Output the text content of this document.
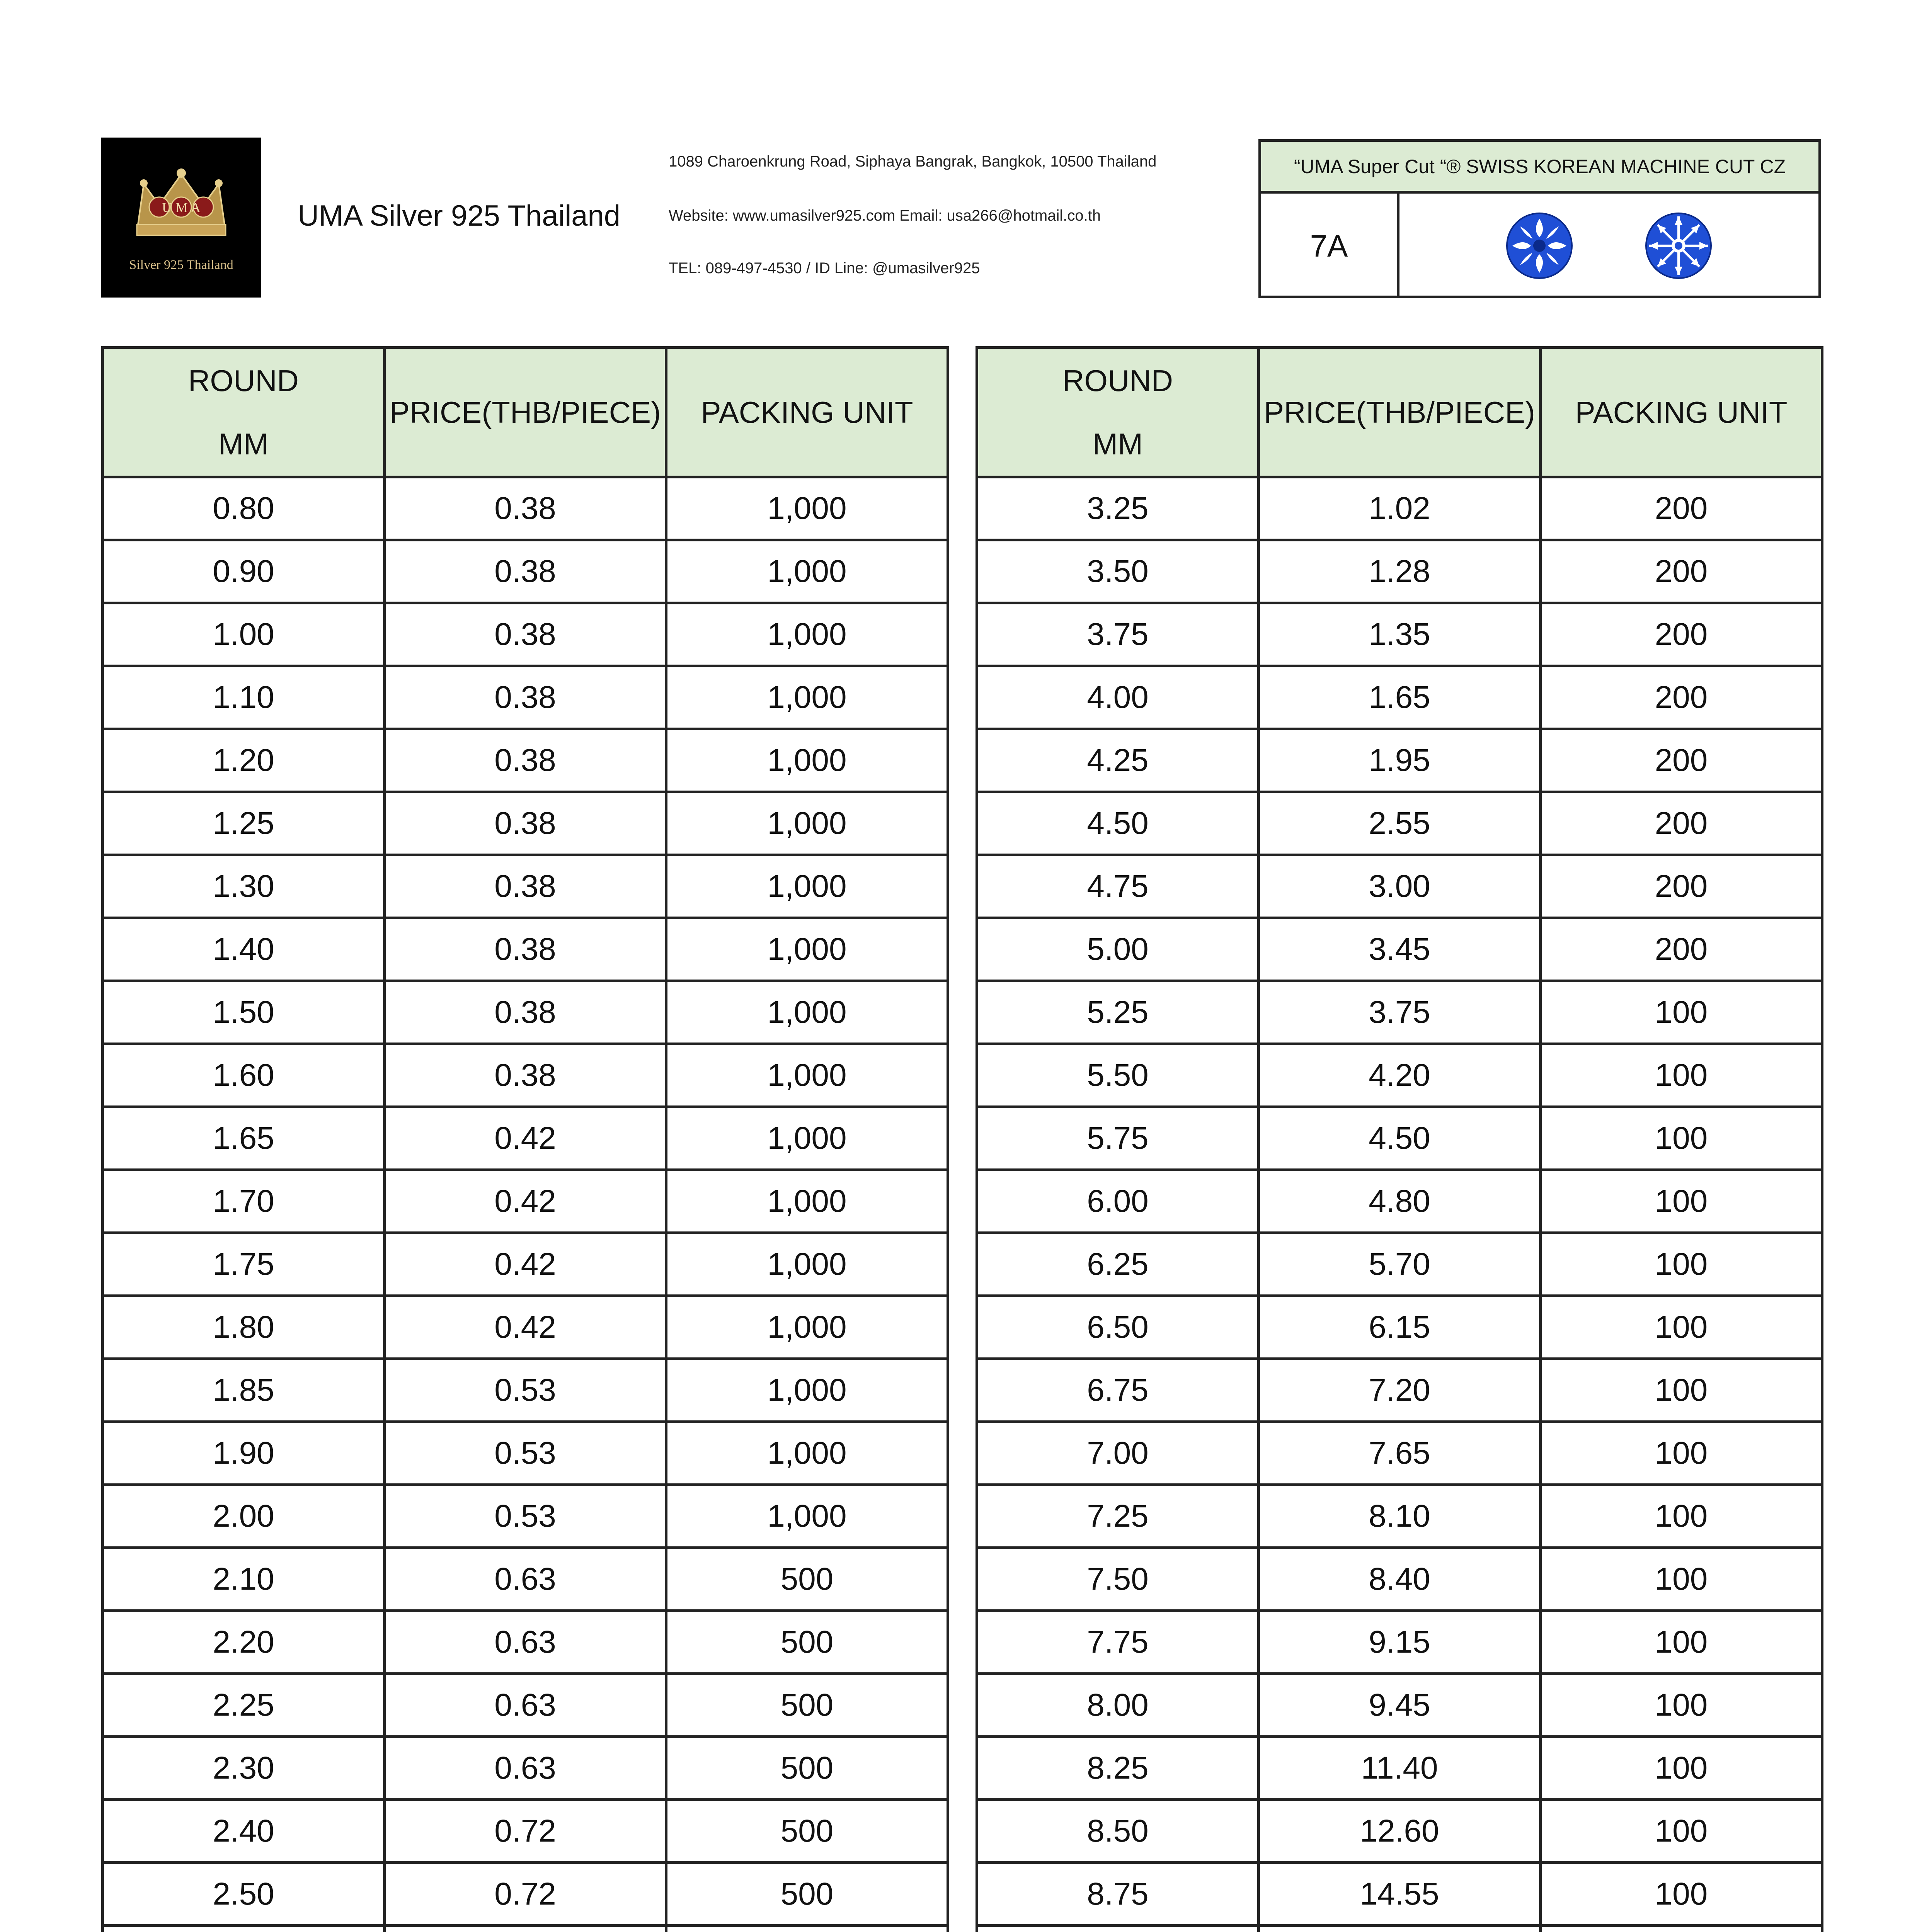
U M A
Silver 925 Thailand
UMA Silver 925 Thailand
1089 Charoenkrung Road, Siphaya Bangrak, Bangkok, 10500 Thailand
Website: www.umasilver925.com Email: usa266@hotmail.co.th
TEL: 089-497-4530 / ID Line: @umasilver925
“UMA Super Cut “® SWISS KOREAN MACHINE CUT CZ
7A
ROUND
MM	PRICE(THB/PIECE)	PACKING UNIT
0.80	0.38	1,000
0.90	0.38	1,000
1.00	0.38	1,000
1.10	0.38	1,000
1.20	0.38	1,000
1.25	0.38	1,000
1.30	0.38	1,000
1.40	0.38	1,000
1.50	0.38	1,000
1.60	0.38	1,000
1.65	0.42	1,000
1.70	0.42	1,000
1.75	0.42	1,000
1.80	0.42	1,000
1.85	0.53	1,000
1.90	0.53	1,000
2.00	0.53	1,000
2.10	0.63	500
2.20	0.63	500
2.25	0.63	500
2.30	0.63	500
2.40	0.72	500
2.50	0.72	500

ROUND
MM	PRICE(THB/PIECE)	PACKING UNIT
3.25	1.02	200
3.50	1.28	200
3.75	1.35	200
4.00	1.65	200
4.25	1.95	200
4.50	2.55	200
4.75	3.00	200
5.00	3.45	200
5.25	3.75	100
5.50	4.20	100
5.75	4.50	100
6.00	4.80	100
6.25	5.70	100
6.50	6.15	100
6.75	7.20	100
7.00	7.65	100
7.25	8.10	100
7.50	8.40	100
7.75	9.15	100
8.00	9.45	100
8.25	11.40	100
8.50	12.60	100
8.75	14.55	100
